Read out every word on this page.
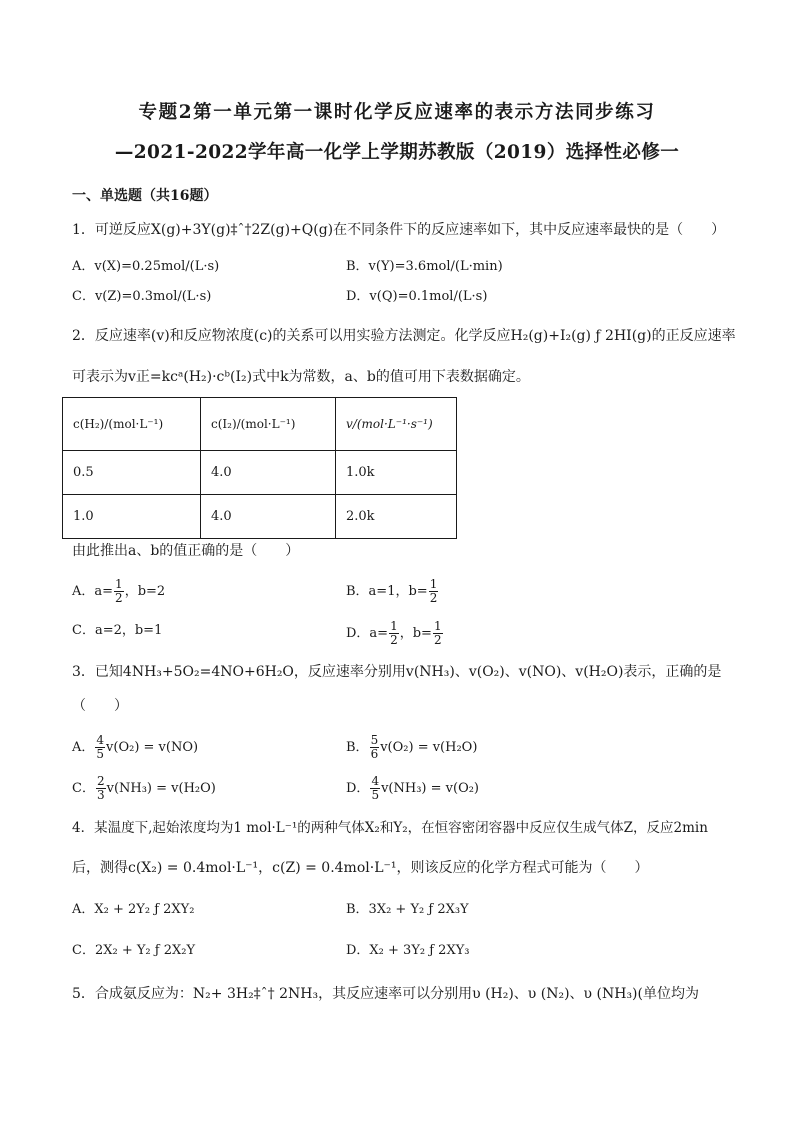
专题2第一单元第一课时化学反应速率的表示方法同步练习
—2021-2022学年高一化学上学期苏教版（2019）选择性必修一
一、单选题（共16题）
1．可逆反应X(g)+3Y(g)‡ˆ†2Z(g)+Q(g)在不同条件下的反应速率如下，其中反应速率最快的是（　　）
A．v(X)=0.25mol/(L·s)	B．v(Y)=3.6mol/(L·min)
C．v(Z)=0.3mol/(L·s)	D．v(Q)=0.1mol/(L·s)
2．反应速率(v)和反应物浓度(c)的关系可以用实验方法测定。化学反应H₂(g)+I₂(g) ƒ 2HI(g)的正反应速率
可表示为v正=kcᵃ(H₂)·cᵇ(I₂)式中k为常数，a、b的值可用下表数据确定。
c(H₂)/(mol·L⁻¹)	c(I₂)/(mol·L⁻¹)	v/(mol·L⁻¹·s⁻¹)
0.5	4.0	1.0k
1.0	4.0	2.0k
由此推出a、b的值正确的是（　　）
A．$a= \frac{1}{2}$ ，b=2	B．a=1，$b= \frac{1}{2}$
C．a=2，b=1	D．$a= \frac{1}{2}$ ，$b= \frac{1}{2}$
3．已知4NH₃+5O₂=4NO+6H₂O，反应速率分别用v(NH₃)、v(O₂)、v(NO)、v(H₂O)表示，正确的是
（　　）
A． $\frac{4}{5} v(O_2) = v(NO)$	B． $\frac{5}{6} v(O_2) = v(H_2O)$
C． $\frac{2}{3} v(NH_3) = v(H_2O)$	D． $\frac{4}{5} v(NH_3) = v(O_2)$
4．某温度下,起始浓度均为1 mol·L⁻¹的两种气体X₂和Y₂，在恒容密闭容器中反应仅生成气体Z，反应2min
后，测得c(X₂) = 0.4mol·L⁻¹，c(Z) = 0.4mol·L⁻¹，则该反应的化学方程式可能为（　　）
A．X₂ + 2Y₂ ƒ 2XY₂	B．3X₂ + Y₂ ƒ 2X₃Y
C．2X₂ + Y₂ ƒ 2X₂Y	D．X₂ + 3Y₂ ƒ 2XY₃
5．合成氨反应为：N₂+ 3H₂‡ˆ† 2NH₃，其反应速率可以分别用υ (H₂)、υ (N₂)、υ (NH₃)(单位均为
